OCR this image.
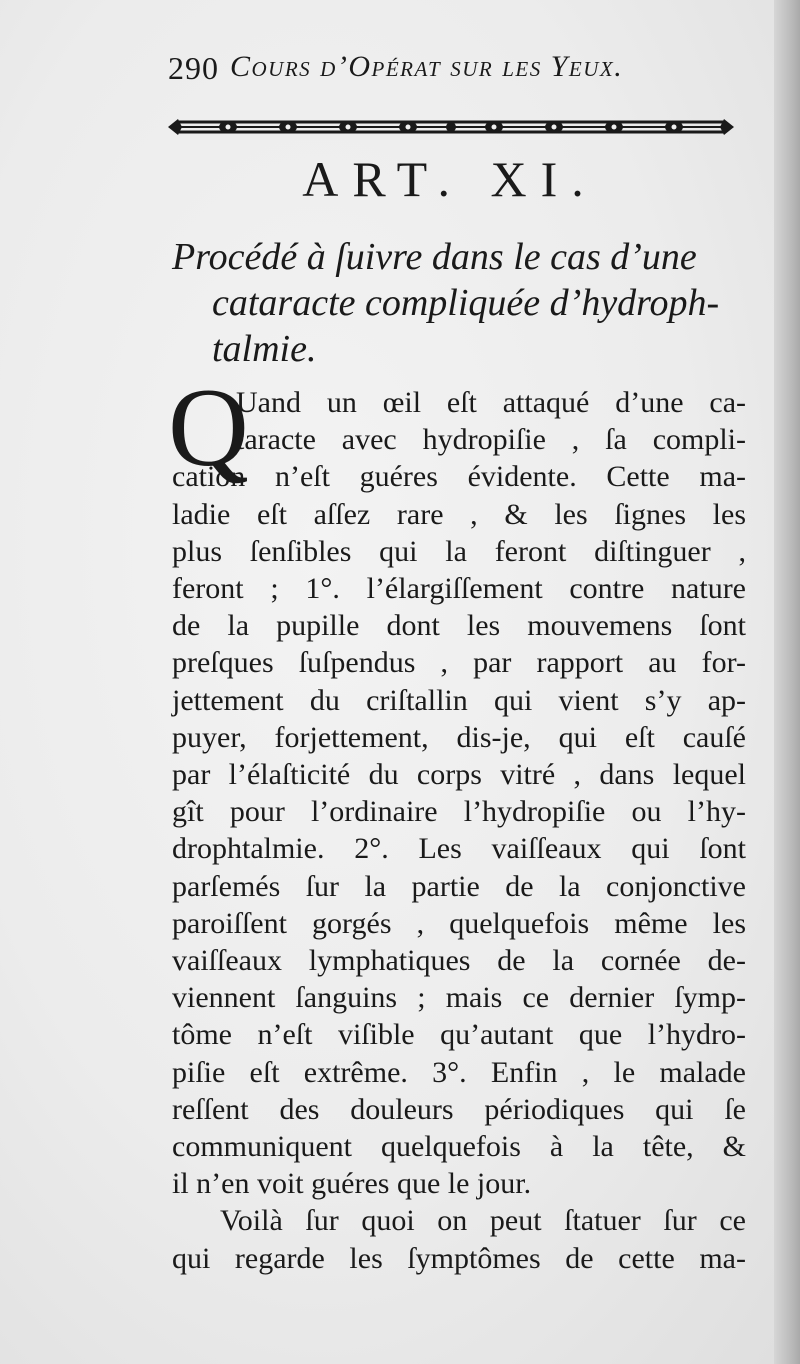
290 Cours d’Opérat sur les Yeux.
ART. XI.
Procédé à ſuivre dans le cas d’une
cataracte compliquée d’hydroph-
talmie.
Q
Uand un œil eſt attaqué d’une ca-
taracte avec hydropiſie , ſa compli-
cation n’eſt guéres évidente. Cette ma-
ladie eſt aſſez rare , & les ſignes les
plus ſenſibles qui la feront diſtinguer ,
feront ; 1°. l’élargiſſement contre nature
de la pupille dont les mouvemens ſont
preſques ſuſpendus , par rapport au for-
jettement du criſtallin qui vient s’y ap-
puyer, forjettement, dis-je, qui eſt cauſé
par l’élaſticité du corps vitré , dans lequel
gît pour l’ordinaire l’hydropiſie ou l’hy-
drophtalmie. 2°. Les vaiſſeaux qui ſont
parſemés ſur la partie de la conjonctive
paroiſſent gorgés , quelquefois même les
vaiſſeaux lymphatiques de la cornée de-
viennent ſanguins ; mais ce dernier ſymp-
tôme n’eſt viſible qu’autant que l’hydro-
piſie eſt extrême. 3°. Enfin , le malade
reſſent des douleurs périodiques qui ſe
communiquent quelquefois à la tête, &
il n’en voit guéres que le jour.
Voilà ſur quoi on peut ſtatuer ſur ce
qui regarde les ſymptômes de cette ma-
